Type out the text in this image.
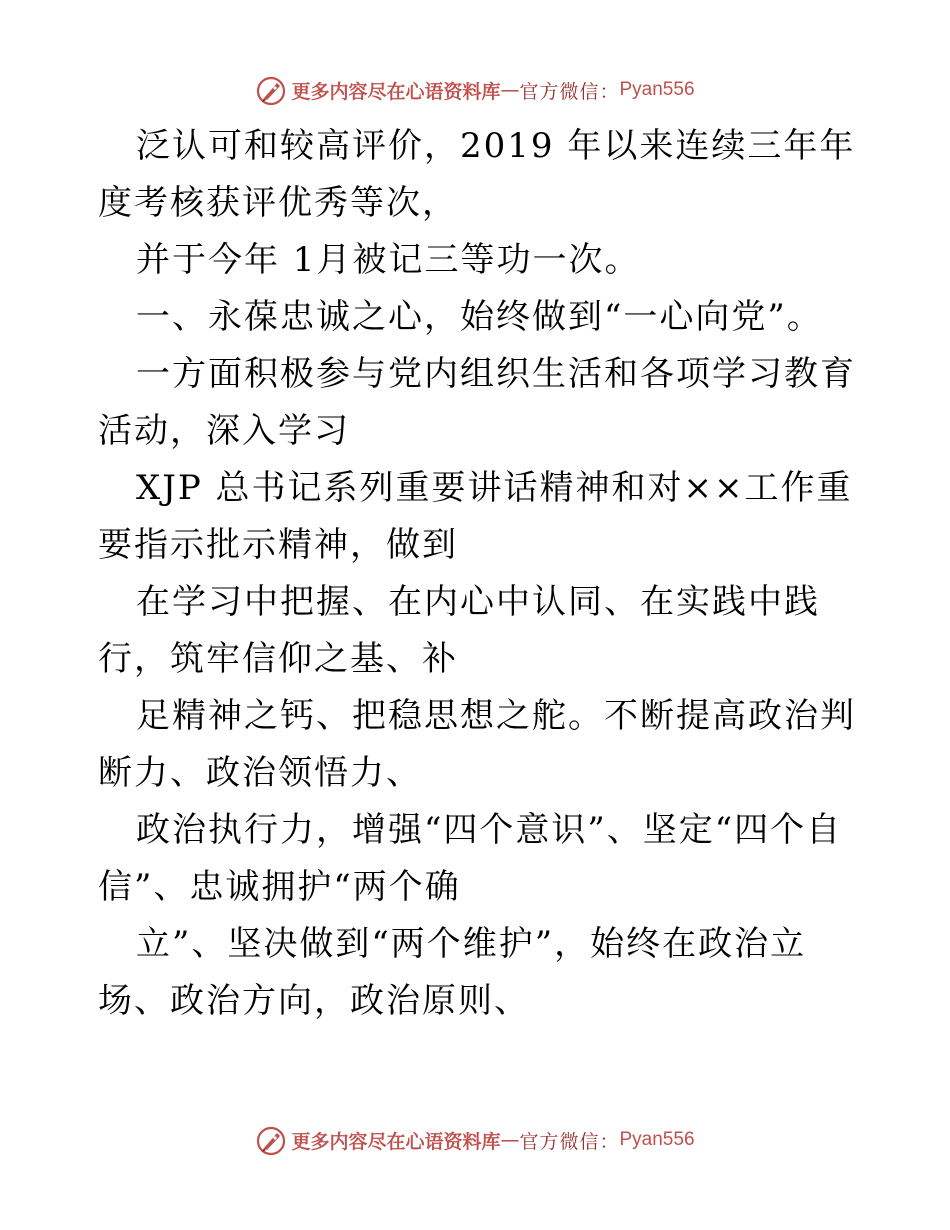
更多内容尽在心语资料库 — 官方微信： Pyan556

泛认可和较高评价，2019 年以来连续三年年度考核获评优秀等次，

并于今年 1月被记三等功一次。

一、永葆忠诚之心，始终做到“一心向党”。

一方面积极参与党内组织生活和各项学习教育活动，深入学习

XJP 总书记系列重要讲话精神和对××工作重要指示批示精神，做到

在学习中把握、在内心中认同、在实践中践行，筑牢信仰之基、补

足精神之钙、把稳思想之舵。不断提高政治判断力、政治领悟力、

政治执行力，增强“四个意识”、坚定“四个自信”、忠诚拥护“两个确

立”、坚决做到“两个维护”，始终在政治立场、政治方向，政治原则、

更多内容尽在心语资料库 — 官方微信： Pyan556
